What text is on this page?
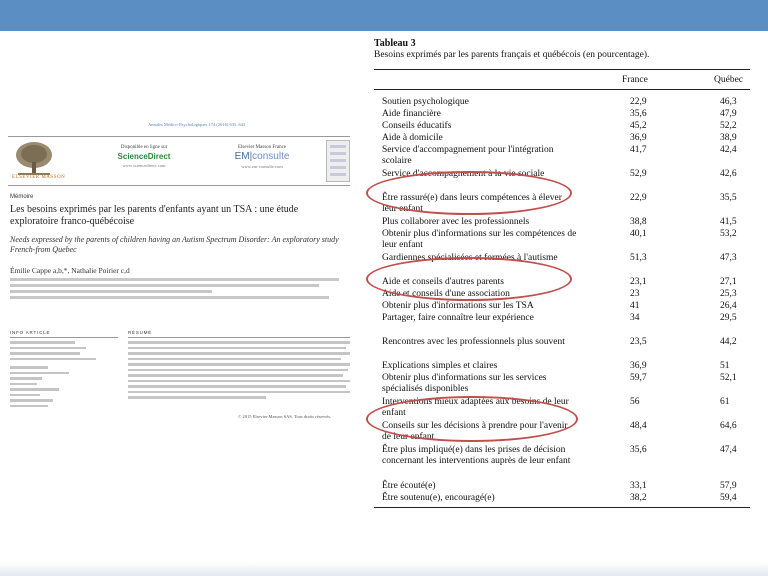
Annales Médico-Psychologiques 174 (2016) 635–643
ELSEVIER MASSON
Disponible en ligne sur
ScienceDirect
www.sciencedirect.com
Elsevier Masson France
EM|consulte
www.em-consulte.com
Mémoire
Les besoins exprimés par les parents d'enfants ayant un TSA : une étude exploratoire franco-québécoise
Needs expressed by the parents of children having an Autism Spectrum Disorder: An exploratory study French-from Quebec
Émilie Cappe a,b,*, Nathalie Poirier c,d
INFO ARTICLE	RÉSUMÉ
© 2015 Elsevier Masson SAS. Tous droits réservés.
Tableau 3
Besoins exprimés par les parents français et québécois (en pourcentage).
France	Québec
Soutien psychologique	22,9	46,3
Aide financière	35,6	47,9
Conseils éducatifs	45,2	52,2
Aide à domicile	36,9	38,9
Service d'accompagnement pour l'intégration scolaire
41,7	42,4
Service d'accompagnement à la vie sociale	52,9	42,6
Être rassuré(e) dans leurs compétences à élever leur enfant
22,9	35,5
Plus collaborer avec les professionnels	38,8	41,5
Obtenir plus d'informations sur les compétences de leur enfant
40,1	53,2
Gardiennes spécialisées et formées à l'autisme	51,3	47,3
Aide et conseils d'autres parents	23,1	27,1
Aide et conseils d'une association	23	25,3
Obtenir plus d'informations sur les TSA	41	26,4
Partager, faire connaître leur expérience	34	29,5
Rencontres avec les professionnels plus souvent	23,5	44,2
Explications simples et claires	36,9	51
Obtenir plus d'informations sur les services spécialisés disponibles
59,7	52,1
Interventions mieux adaptées aux besoins de leur enfant
56	61
Conseils sur les décisions à prendre pour l'avenir de leur enfant
48,4	64,6
Être plus impliqué(e) dans les prises de décision concernant les interventions auprès de leur enfant
35,6	47,4
Être écouté(e)	33,1	57,9
Être soutenu(e), encouragé(e)	38,2	59,4
